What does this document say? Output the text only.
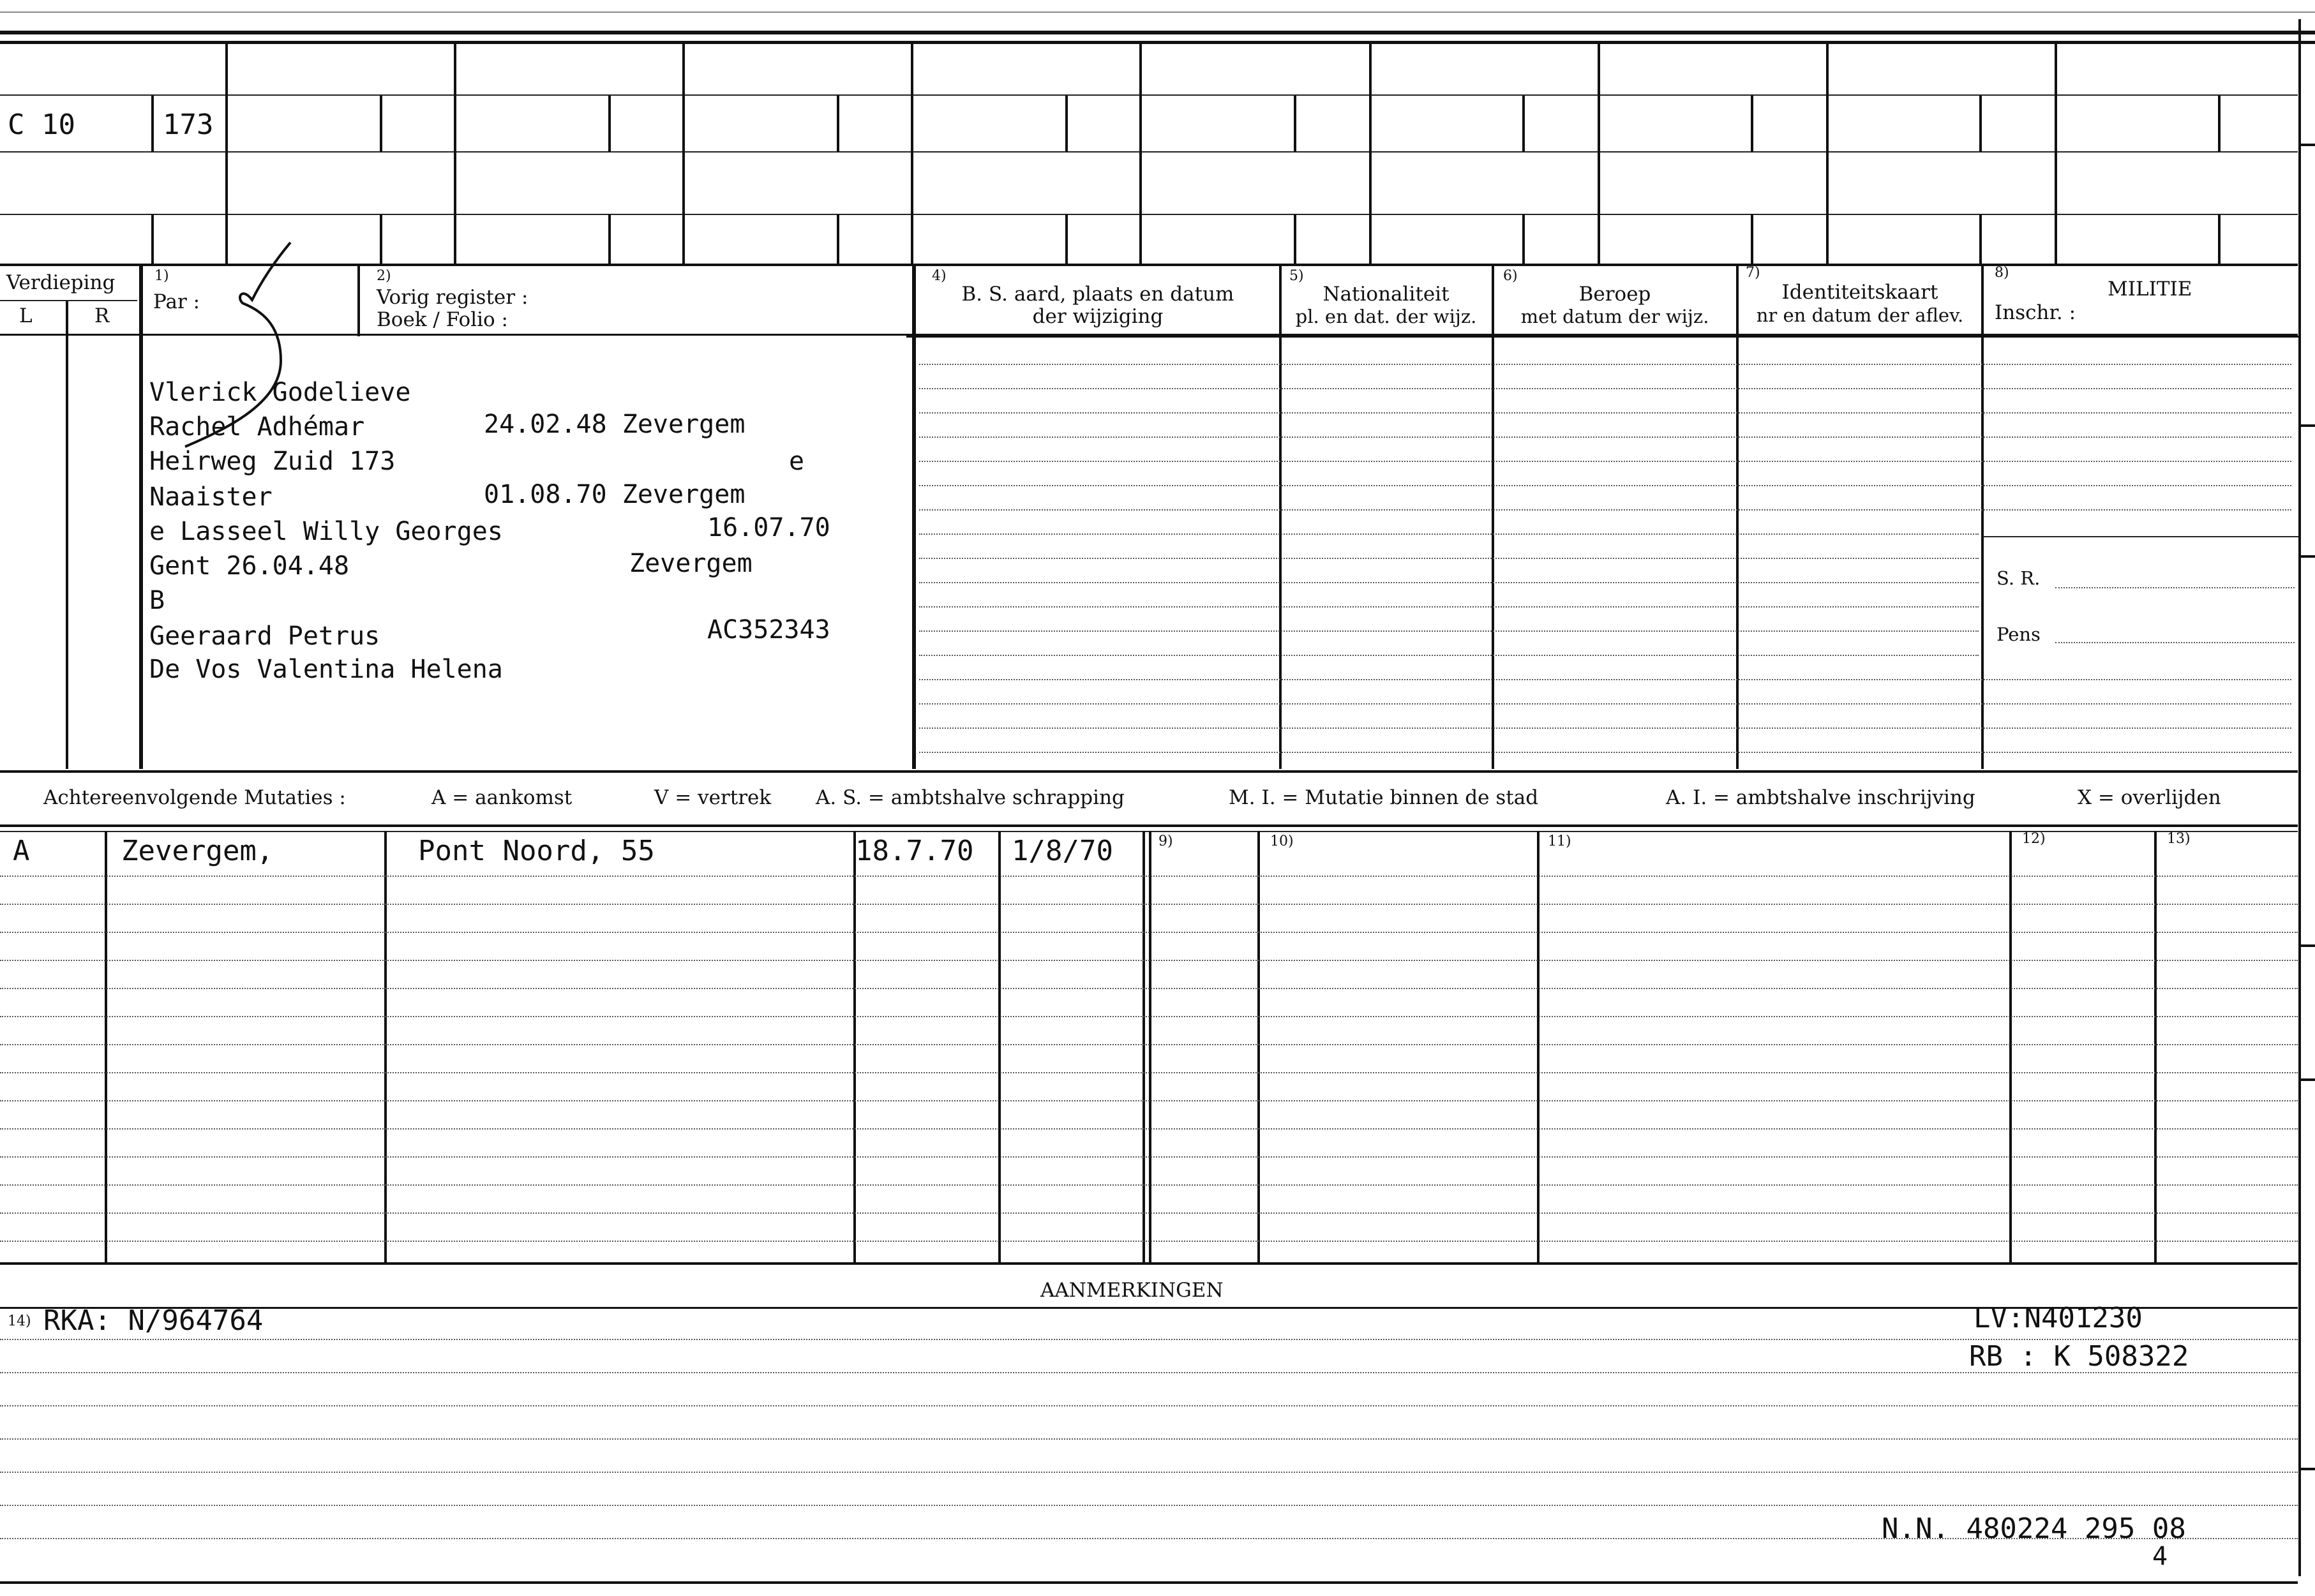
C 10	173
Verdieping
L	R
1)
Par :
2)
Vorig register :
Boek / Folio :
4)
B. S. aard, plaats en datum
der wijziging
5)
Nationaliteit
pl. en dat. der wijz.
6)
Beroep
met datum der wijz.
7)
Identiteitskaart
nr en datum der aflev.
8)
MILITIE
Inschr. :
S. R.
Pens
Vlerick Godelieve
Rachel Adhémar	24.02.48 Zevergem
Heirweg Zuid 173	e
Naaister	01.08.70 Zevergem
e Lasseel Willy Georges	16.07.70
Gent 26.04.48	Zevergem
B
Geeraard Petrus	AC352343
De Vos Valentina Helena
Achtereenvolgende Mutaties :	A = aankomst	V = vertrek A. S. = ambtshalve schrapping	M. I. = Mutatie binnen de stad	A. I. = ambtshalve inschrijving	X = overlijden
9)	10)	11)	12)	13)
A	Zevergem,	Pont Noord, 55	18.7.70 1/8/70
AANMERKINGEN
14) RKA: N/964764	LV:N401230
RB : K 508322
N.N. 480224 295 08
4
